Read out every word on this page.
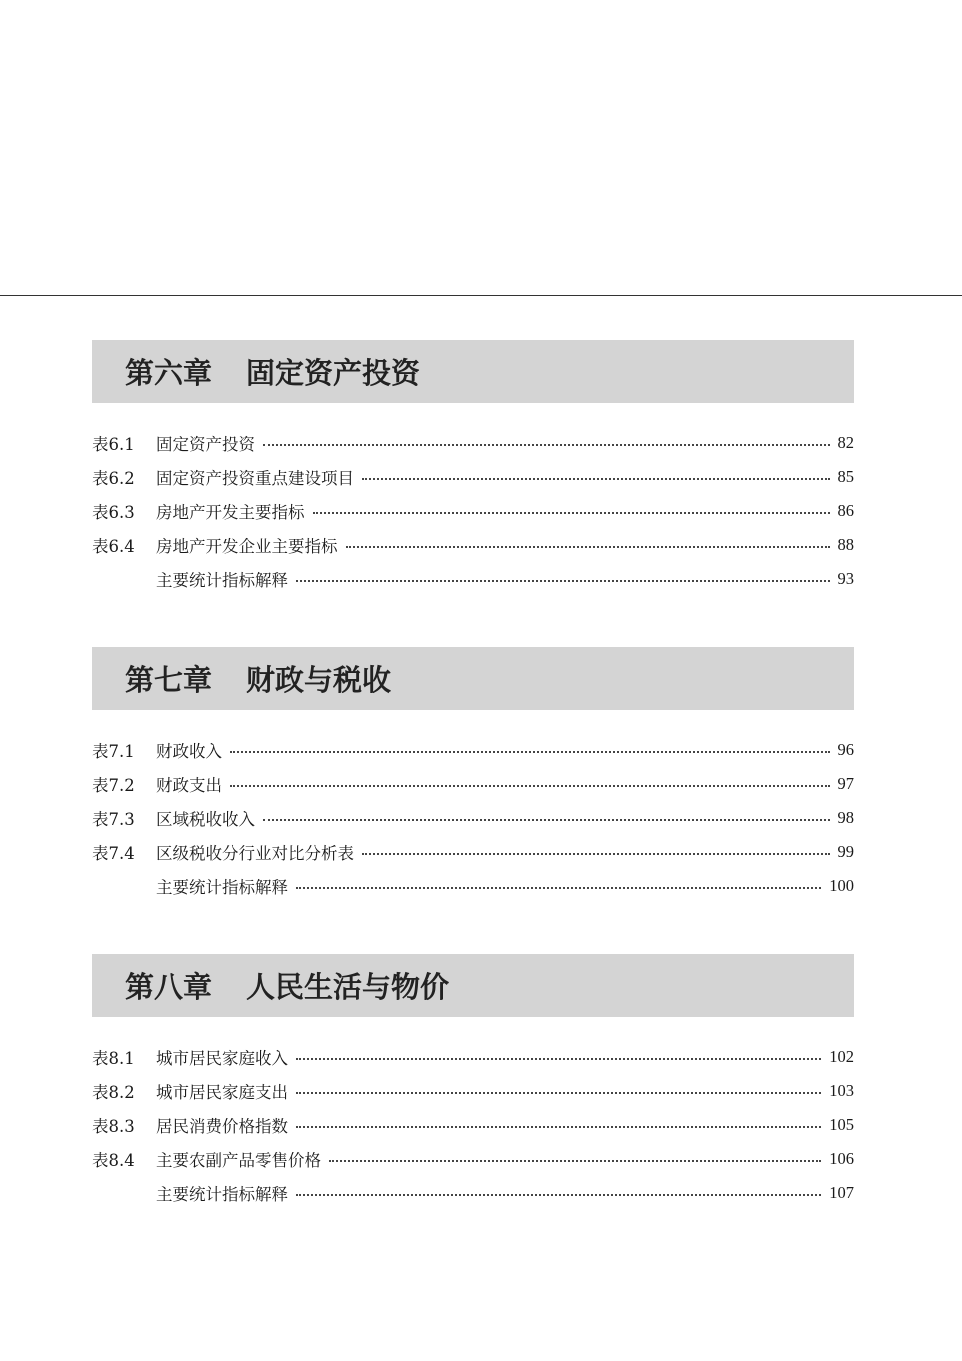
第六章 固定资产投资
表6.1	固定资产投资	82
表6.2	固定资产投资重点建设项目	85
表6.3	房地产开发主要指标	86
表6.4	房地产开发企业主要指标	88
主要统计指标解释	93
第七章 财政与税收
表7.1	财政收入	96
表7.2	财政支出	97
表7.3	区域税收收入	98
表7.4	区级税收分行业对比分析表	99
主要统计指标解释	100
第八章 人民生活与物价
表8.1	城市居民家庭收入	102
表8.2	城市居民家庭支出	103
表8.3	居民消费价格指数	105
表8.4	主要农副产品零售价格	106
主要统计指标解释	107
